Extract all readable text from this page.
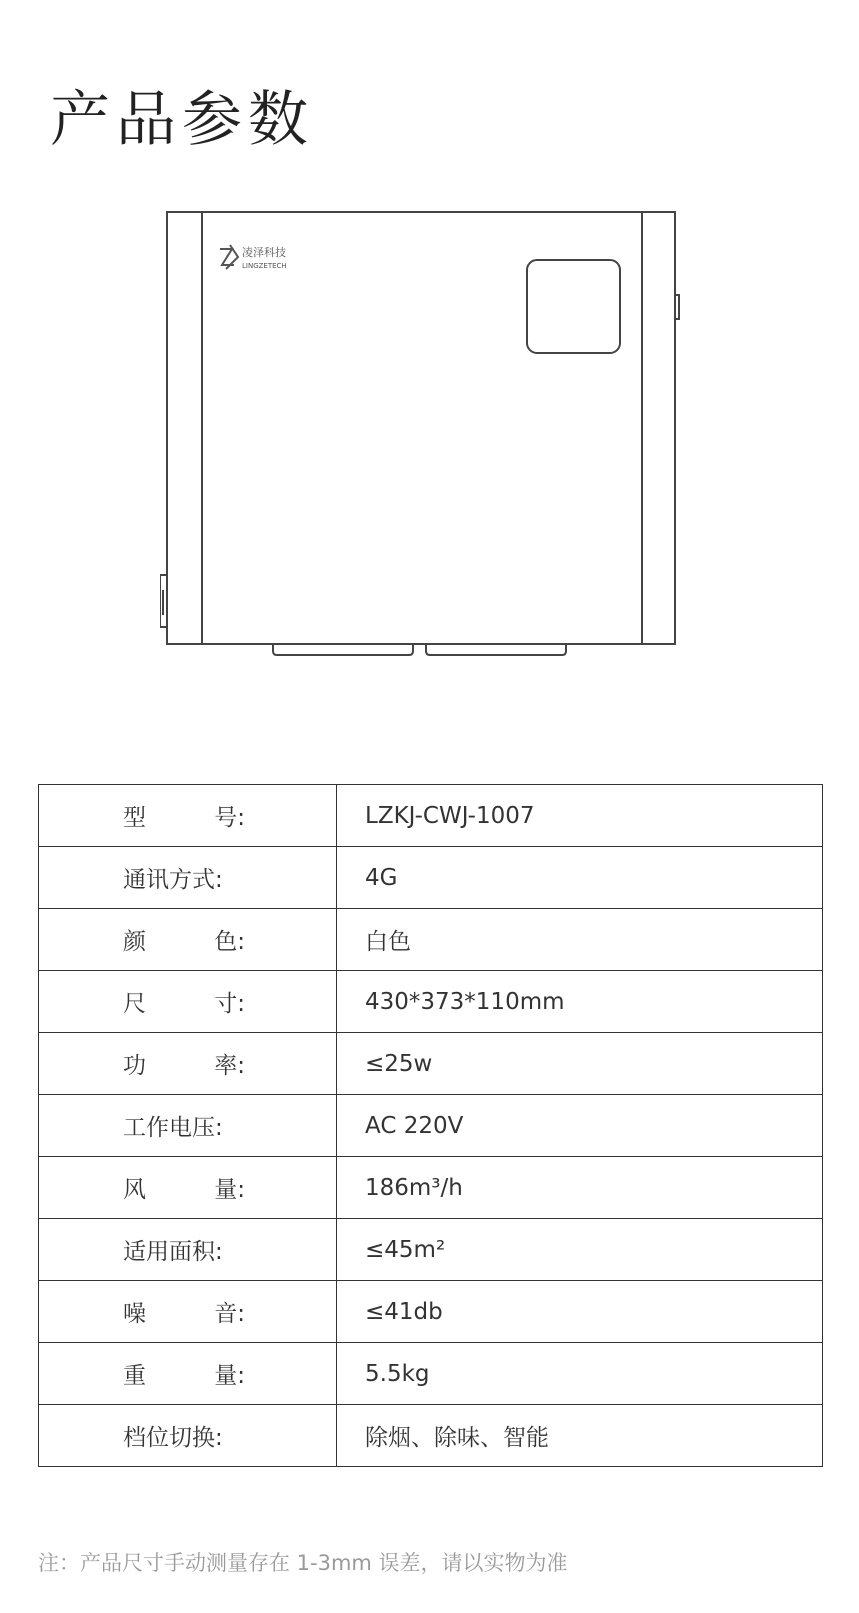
产品参数
凌泽科技
LINGZETECH
型 号:	LZKJ-CWJ-1007

通讯方式:	4G

颜 色:	白色

尺 寸:	430*373*110mm

功 率:	≤25w

工作电压:	AC 220V

风 量:	186m³/h

适用面积:	≤45m²

噪 音:	≤41db

重 量:	5.5kg

档位切换:	除烟、除味、智能
注：产品尺寸手动测量存在 1-3mm 误差，请以实物为准
